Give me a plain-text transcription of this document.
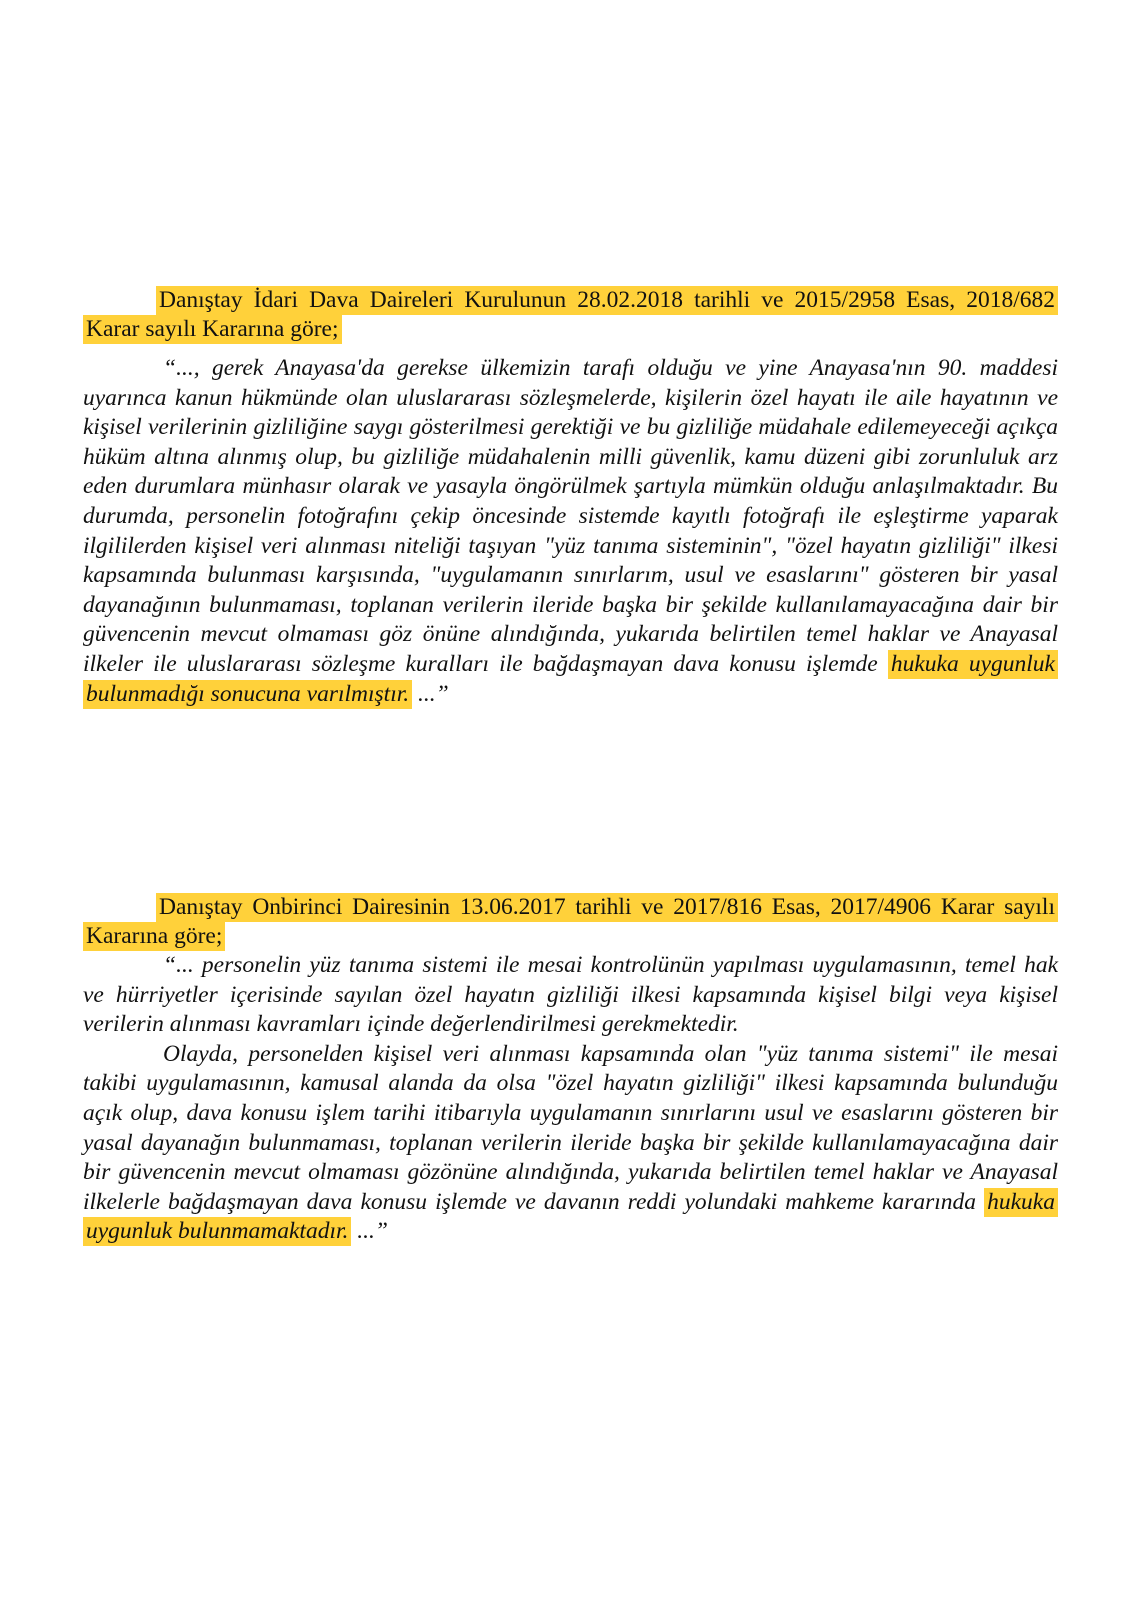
Danıştay İdari Dava Daireleri Kurulunun 28.02.2018 tarihli ve 2015/2958 Esas, 2018/682 Karar sayılı Kararına göre;

“..., gerek Anayasa'da gerekse ülkemizin tarafı olduğu ve yine Anayasa'nın 90. maddesi uyarınca kanun hükmünde olan uluslararası sözleşmelerde, kişilerin özel hayatı ile aile hayatının ve kişisel verilerinin gizliliğine saygı gösterilmesi gerektiği ve bu gizliliğe müdahale edilemeyeceği açıkça hüküm altına alınmış olup, bu gizliliğe müdahalenin milli güvenlik, kamu düzeni gibi zorunluluk arz eden durumlara münhasır olarak ve yasayla öngörülmek şartıyla mümkün olduğu anlaşılmaktadır. Bu durumda, personelin fotoğrafını çekip öncesinde sistemde kayıtlı fotoğrafı ile eşleştirme yaparak ilgililerden kişisel veri alınması niteliği taşıyan "yüz tanıma sisteminin", "özel hayatın gizliliği" ilkesi kapsamında bulunması karşısında, "uygulamanın sınırlarım, usul ve esaslarını" gösteren bir yasal dayanağının bulunmaması, toplanan verilerin ileride başka bir şekilde kullanılamayacağına dair bir güvencenin mevcut olmaması göz önüne alındığında, yukarıda belirtilen temel haklar ve Anayasal ilkeler ile uluslararası sözleşme kuralları ile bağdaşmayan dava konusu işlemde hukuka uygunluk bulunmadığı sonucuna varılmıştır. ...”

Danıştay Onbirinci Dairesinin 13.06.2017 tarihli ve 2017/816 Esas, 2017/4906 Karar sayılı Kararına göre;

“... personelin yüz tanıma sistemi ile mesai kontrolünün yapılması uygulamasının, temel hak ve hürriyetler içerisinde sayılan özel hayatın gizliliği ilkesi kapsamında kişisel bilgi veya kişisel verilerin alınması kavramları içinde değerlendirilmesi gerekmektedir.

Olayda, personelden kişisel veri alınması kapsamında olan "yüz tanıma sistemi" ile mesai takibi uygulamasının, kamusal alanda da olsa "özel hayatın gizliliği" ilkesi kapsamında bulunduğu açık olup, dava konusu işlem tarihi itibarıyla uygulamanın sınırlarını usul ve esaslarını gösteren bir yasal dayanağın bulunmaması, toplanan verilerin ileride başka bir şekilde kullanılamayacağına dair bir güvencenin mevcut olmaması gözönüne alındığında, yukarıda belirtilen temel haklar ve Anayasal ilkelerle bağdaşmayan dava konusu işlemde ve davanın reddi yolundaki mahkeme kararında hukuka uygunluk bulunmamaktadır. ...”
